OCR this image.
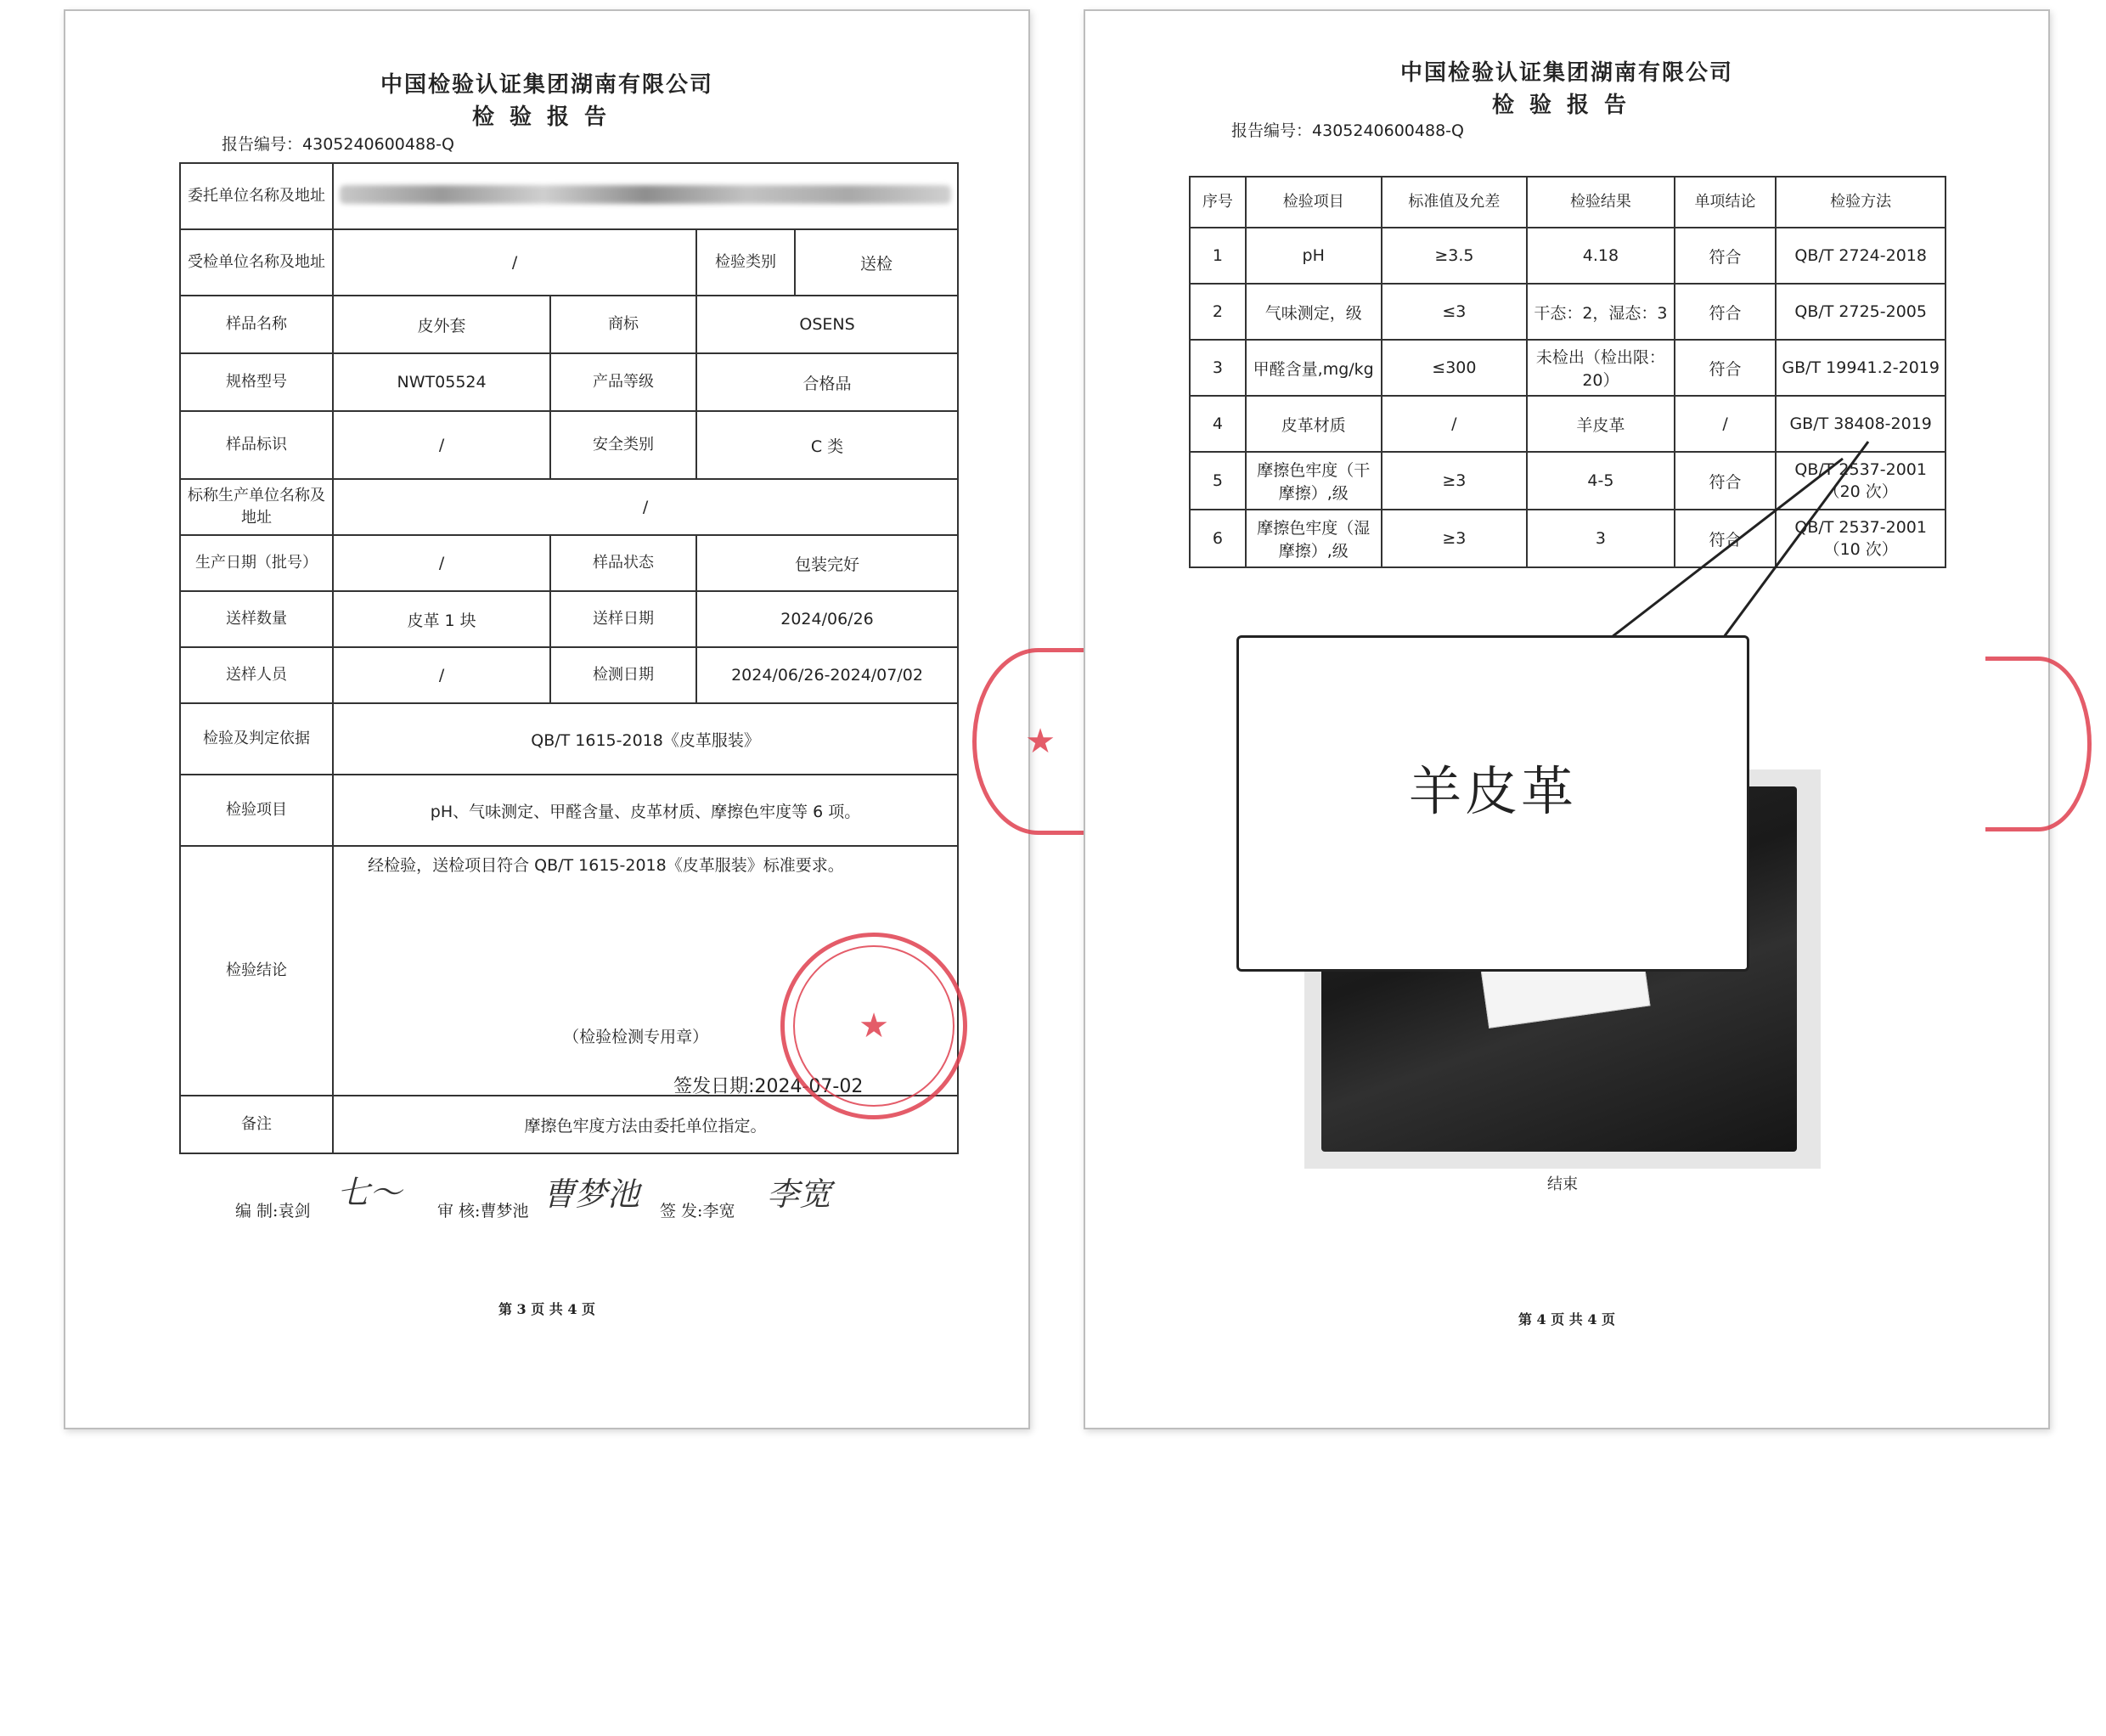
中国检验认证集团湖南有限公司
检验报告
报告编号：4305240600488-Q
委托单位名称及地址				
受检单位名称及地址	/		检验类别	送检
样品名称	皮外套	商标	OSENS	
规格型号	NWT05524	产品等级	合格品	
样品标识	/	安全类别	C 类	
标称生产单位名称及地址	/			
生产日期（批号）	/	样品状态	包装完好	
送样数量	皮革 1 块	送样日期	2024/06/26	
送样人员	/	检测日期	2024/06/26-2024/07/02	
检验及判定依据	QB/T 1615-2018《皮革服装》			
检验项目	pH、气味测定、甲醛含量、皮革材质、摩擦色牢度等 6 项。			
检验结论	经检验，送检项目符合 QB/T 1615-2018《皮革服装》标准要求。
（检验检测专用章）
签发日期:2024-07-02
★			

备注	摩擦色牢度方法由委托单位指定。			
编 制:袁剑 七〜 审 核:曹梦池 曹梦池 签 发:李宽 李宽
第 3 页 共 4 页
★
中国检验认证集团湖南有限公司
检验报告
报告编号：4305240600488-Q
序号	检验项目	标准值及允差	检验结果	单项结论	检验方法
1	pH	≥3.5	4.18	符合	QB/T 2724-2018
2	气味测定，级	≤3	干态：2，湿态：3	符合	QB/T 2725-2005
3	甲醛含量,mg/kg	≤300	未检出（检出限：20）	符合	GB/T 19941.2-2019
4	皮革材质	/	羊皮革	/	GB/T 38408-2019
5	摩擦色牢度（干摩擦）,级	≥3	4-5	符合	QB/T 2537-2001（20 次）
6	摩擦色牢度（湿摩擦）,级	≥3	3	符合	QB/T 2537-2001（10 次）
第 4 页 共 4 页
羊皮革
结束
